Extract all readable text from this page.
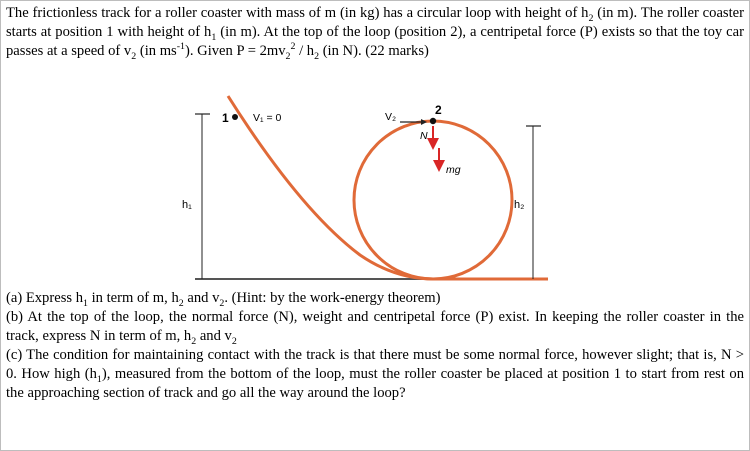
The frictionless track for a roller coaster with mass of m (in kg) has a circular loop with height of $h_2$ (in m). The roller coaster starts at position 1 with height of $h_1$ (in m). At the top of the loop (position 2), a centripetal force (P) exists so that the toy car passes at a speed of $v_2$ (in $ms^{-1}$). Given $P = 2mv_2^2 / h_2$ (in N). (22 marks)

h₁	h₂
1 V₁ = 0	V₂	2
N
mg

(a) Express $h_1$ in term of m, $h_2$ and $v_2$. (Hint: by the work-energy theorem)

(b) At the top of the loop, the normal force (N), weight and centripetal force (P) exist. In keeping the roller coaster in the track, express N in term of m, $h_2$ and $v_2$

(c) The condition for maintaining contact with the track is that there must be some normal force, however slight; that is, N > 0. How high $(h_1)$, measured from the bottom of the loop, must the roller coaster be placed at position 1 to start from rest on the approaching section of track and go all the way around the loop?
